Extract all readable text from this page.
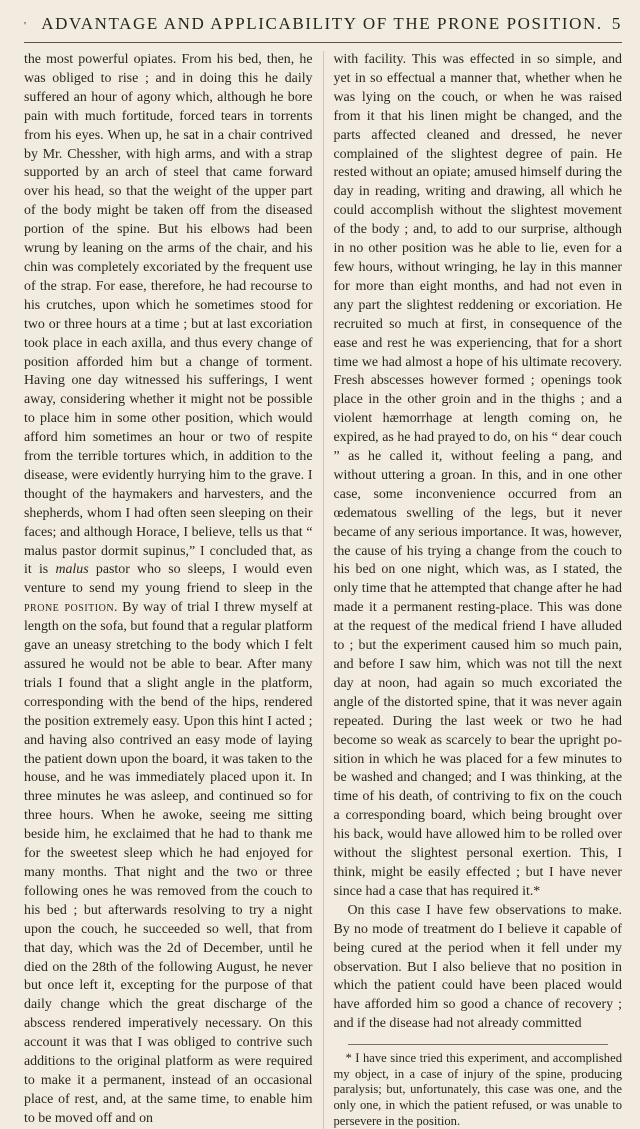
' ADVANTAGE AND APPLICABILITY OF THE PRONE POSITION. 5

the most powerful opiates. From his bed, then, he was obliged to rise ; and in doing this he daily suffered an hour of agony which, although he bore pain with much fortitude, forced tears in torrents from his eyes. When up, he sat in a chair contrived by Mr. Chessher, with high arms, and with a strap supported by an arch of steel that came forward over his head, so that the weight of the upper part of the body might be taken off from the diseased portion of the spine. But his elbows had been wrung by leaning on the arms of the chair, and his chin was completely excoriated by the frequent use of the strap. For ease, therefore, he had recourse to his crutches, upon which he sometimes stood for two or three hours at a time ; but at last excoriation took place in each axilla, and thus every change of position afforded him but a change of torment. Having one day witnessed his sufferings, I went away, considering whether it might not be possible to place him in some other position, which would afford him sometimes an hour or two of respite from the terrible tortures which, in addition to the disease, were evidently hurrying him to the grave. I thought of the haymakers and harvesters, and the shepherds, whom I had often seen sleeping on their faces; and although Horace, I believe, tells us that “ malus pastor dormit supinus,” I concluded that, as it is malus pastor who so sleeps, I would even venture to send my young friend to sleep in the prone position. By way of trial I threw myself at length on the sofa, but found that a regular platform gave an uneasy stretching to the body which I felt assured he would not be able to bear. After many trials I found that a slight angle in the platform, corresponding with the bend of the hips, rendered the position extremely easy. Upon this hint I acted ; and having also contrived an easy mode of laying the patient down upon the board, it was taken to the house, and he was immediately placed upon it. In three minutes he was asleep, and continued so for three hours. When he awoke, seeing me sitting beside him, he exclaimed that he had to thank me for the sweetest sleep which he had enjoyed for many months. That night and the two or three following ones he was removed from the couch to his bed ; but afterwards resolving to try a night upon the couch, he succeeded so well, that from that day, which was the 2d of December, until he died on the 28th of the following August, he never but once left it, excepting for the purpose of that daily change which the great discharge of the abscess rendered imperatively necessary. On this account it was that I was obliged to contrive such additions to the original platform as were required to make it a permanent, instead of an occasional place of rest, and, at the same time, to enable him to be moved off and on

with facility. This was effected in so simple, and yet in so effectual a manner that, whether when he was lying on the couch, or when he was raised from it that his linen might be changed, and the parts affected cleaned and dressed, he never complained of the slightest degree of pain. He rested without an opiate; amused himself during the day in reading, writing and drawing, all which he could accomplish without the slightest movement of the body ; and, to add to our surprise, although in no other position was he able to lie, even for a few hours, without wringing, he lay in this manner for more than eight months, and had not even in any part the slightest reddening or excoriation. He recruited so much at first, in consequence of the ease and rest he was experiencing, that for a short time we had almost a hope of his ultimate recovery. Fresh abscesses however formed ; openings took place in the other groin and in the thighs ; and a violent hæmorrhage at length coming on, he expired, as he had prayed to do, on his “ dear couch ” as he called it, without feeling a pang, and without uttering a groan. In this, and in one other case, some inconvenience occurred from an œdematous swelling of the legs, but it never became of any serious importance. It was, however, the cause of his trying a change from the couch to his bed on one night, which was, as I stated, the only time that he attempted that change after he had made it a permanent resting-place. This was done at the request of the medical friend I have alluded to ; but the experiment caused him so much pain, and before I saw him, which was not till the next day at noon, had again so much excoriated the angle of the distorted spine, that it was never again repeated. During the last week or two he had become so weak as scarcely to bear the upright position in which he was placed for a few minutes to be washed and changed; and I was thinking, at the time of his death, of contriving to fix on the couch a corresponding board, which being brought over his back, would have allowed him to be rolled over without the slightest personal exertion. This, I think, might be easily effected ; but I have never since had a case that has required it.*

On this case I have few observations to make. By no mode of treatment do I believe it capable of being cured at the period when it fell under my observation. But I also believe that no position in which the patient could have been placed would have afforded him so good a chance of recovery ; and if the disease had not already committed

* I have since tried this experiment, and accomplished my object, in a case of injury of the spine, producing paralysis; but, unfortunately, this case was one, and the only one, in which the patient refused, or was unable to persevere in the position.
